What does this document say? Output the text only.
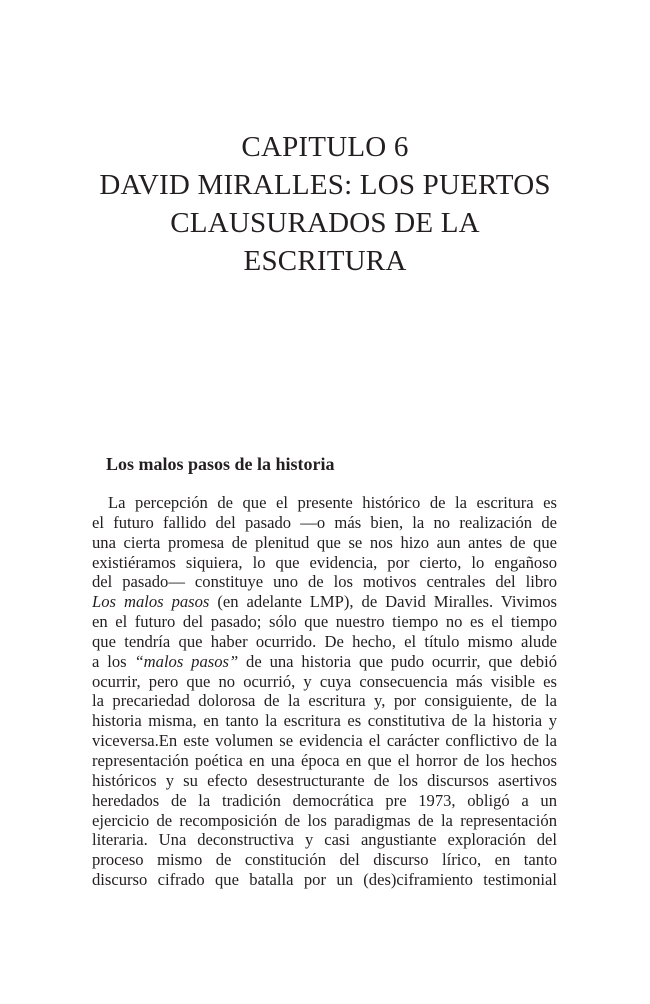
CAPITULO 6
DAVID MIRALLES: LOS PUERTOS
CLAUSURADOS DE LA
ESCRITURA
Los malos pasos de la historia
La percepción de que el presente histórico de la escritura es
el futuro fallido del pasado —o más bien, la no realización de
una cierta promesa de plenitud que se nos hizo aun antes de que
existiéramos siquiera, lo que evidencia, por cierto, lo engañoso
del pasado— constituye uno de los motivos centrales del libro
Los malos pasos (en adelante LMP), de David Miralles. Vivimos
en el futuro del pasado; sólo que nuestro tiempo no es el tiempo
que tendría que haber ocurrido. De hecho, el título mismo alude
a los “malos pasos” de una historia que pudo ocurrir, que debió
ocurrir, pero que no ocurrió, y cuya consecuencia más visible es
la precariedad dolorosa de la escritura y, por consiguiente, de la
historia misma, en tanto la escritura es constitutiva de la historia y
viceversa.En este volumen se evidencia el carácter conflictivo de la
representación poética en una época en que el horror de los hechos
históricos y su efecto desestructurante de los discursos asertivos
heredados de la tradición democrática pre 1973, obligó a un
ejercicio de recomposición de los paradigmas de la representación
literaria. Una deconstructiva y casi angustiante exploración del
proceso mismo de constitución del discurso lírico, en tanto
discurso cifrado que batalla por un (des)ciframiento testimonial
